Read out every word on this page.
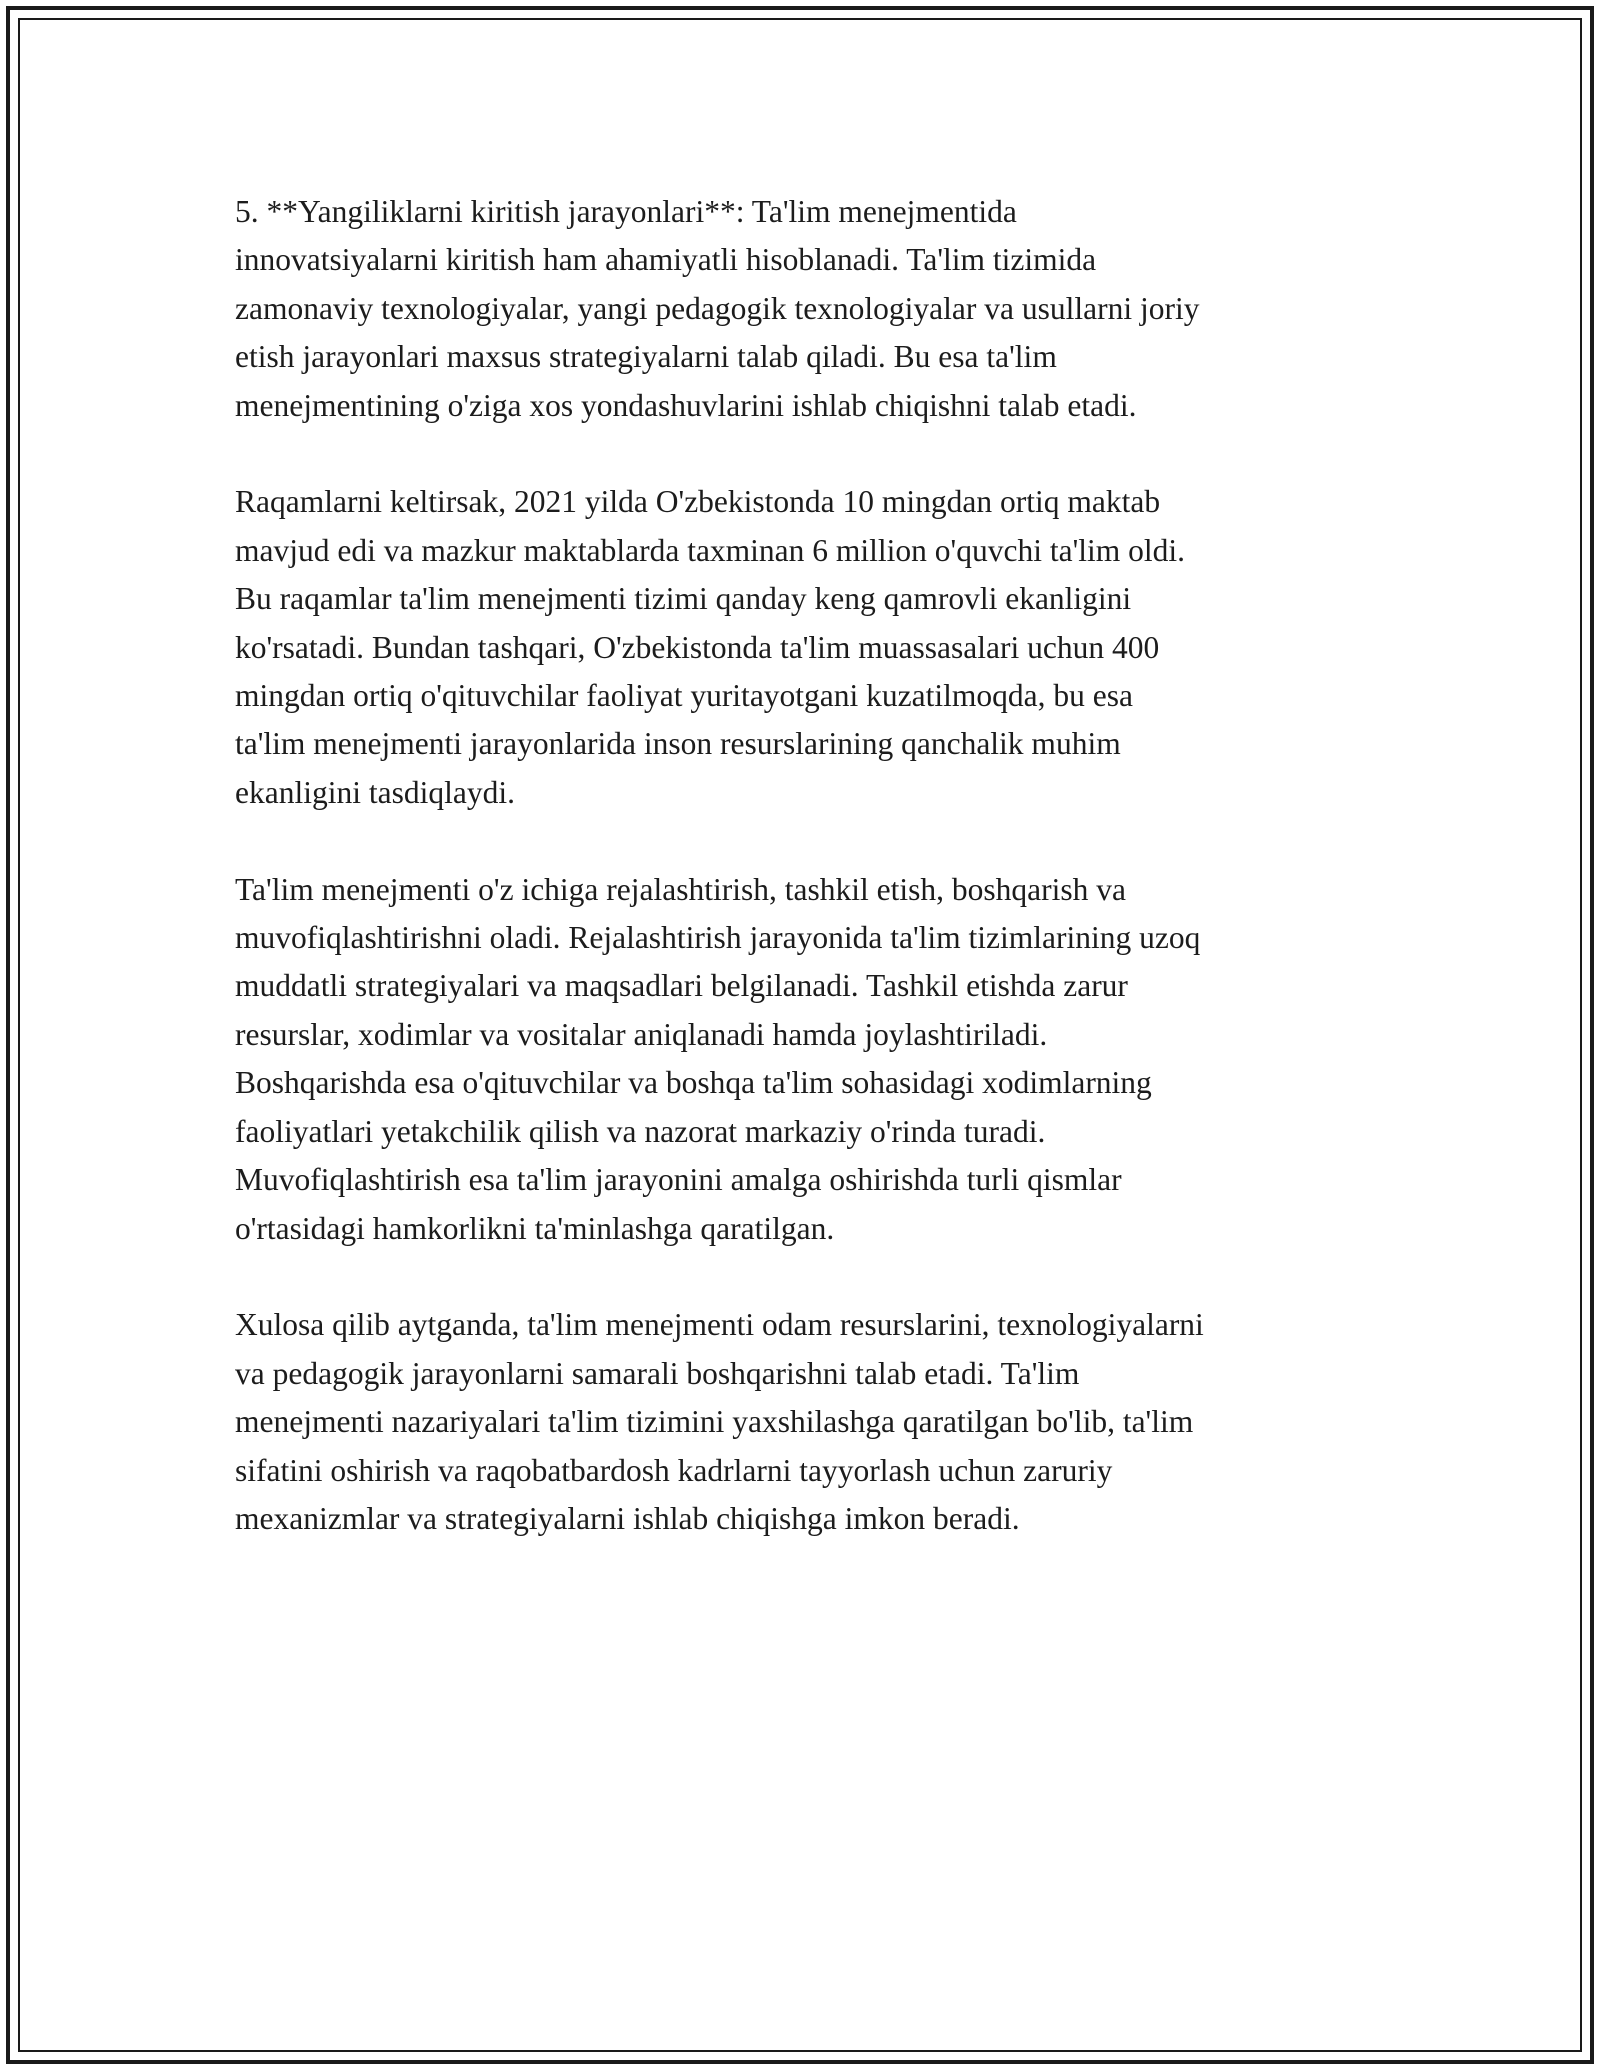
5. **Yangiliklarni kiritish jarayonlari**: Ta'lim menejmentida
innovatsiyalarni kiritish ham ahamiyatli hisoblanadi. Ta'lim tizimida
zamonaviy texnologiyalar, yangi pedagogik texnologiyalar va usullarni joriy
etish jarayonlari maxsus strategiyalarni talab qiladi. Bu esa ta'lim
menejmentining o'ziga xos yondashuvlarini ishlab chiqishni talab etadi.

Raqamlarni keltirsak, 2021 yilda O'zbekistonda 10 mingdan ortiq maktab
mavjud edi va mazkur maktablarda taxminan 6 million o'quvchi ta'lim oldi.
Bu raqamlar ta'lim menejmenti tizimi qanday keng qamrovli ekanligini
ko'rsatadi. Bundan tashqari, O'zbekistonda ta'lim muassasalari uchun 400
mingdan ortiq o'qituvchilar faoliyat yuritayotgani kuzatilmoqda, bu esa
ta'lim menejmenti jarayonlarida inson resurslarining qanchalik muhim
ekanligini tasdiqlaydi.

Ta'lim menejmenti o'z ichiga rejalashtirish, tashkil etish, boshqarish va
muvofiqlashtirishni oladi. Rejalashtirish jarayonida ta'lim tizimlarining uzoq
muddatli strategiyalari va maqsadlari belgilanadi. Tashkil etishda zarur
resurslar, xodimlar va vositalar aniqlanadi hamda joylashtiriladi.
Boshqarishda esa o'qituvchilar va boshqa ta'lim sohasidagi xodimlarning
faoliyatlari yetakchilik qilish va nazorat markaziy o'rinda turadi.
Muvofiqlashtirish esa ta'lim jarayonini amalga oshirishda turli qismlar
o'rtasidagi hamkorlikni ta'minlashga qaratilgan.

Xulosa qilib aytganda, ta'lim menejmenti odam resurslarini, texnologiyalarni
va pedagogik jarayonlarni samarali boshqarishni talab etadi. Ta'lim
menejmenti nazariyalari ta'lim tizimini yaxshilashga qaratilgan bo'lib, ta'lim
sifatini oshirish va raqobatbardosh kadrlarni tayyorlash uchun zaruriy
mexanizmlar va strategiyalarni ishlab chiqishga imkon beradi.
